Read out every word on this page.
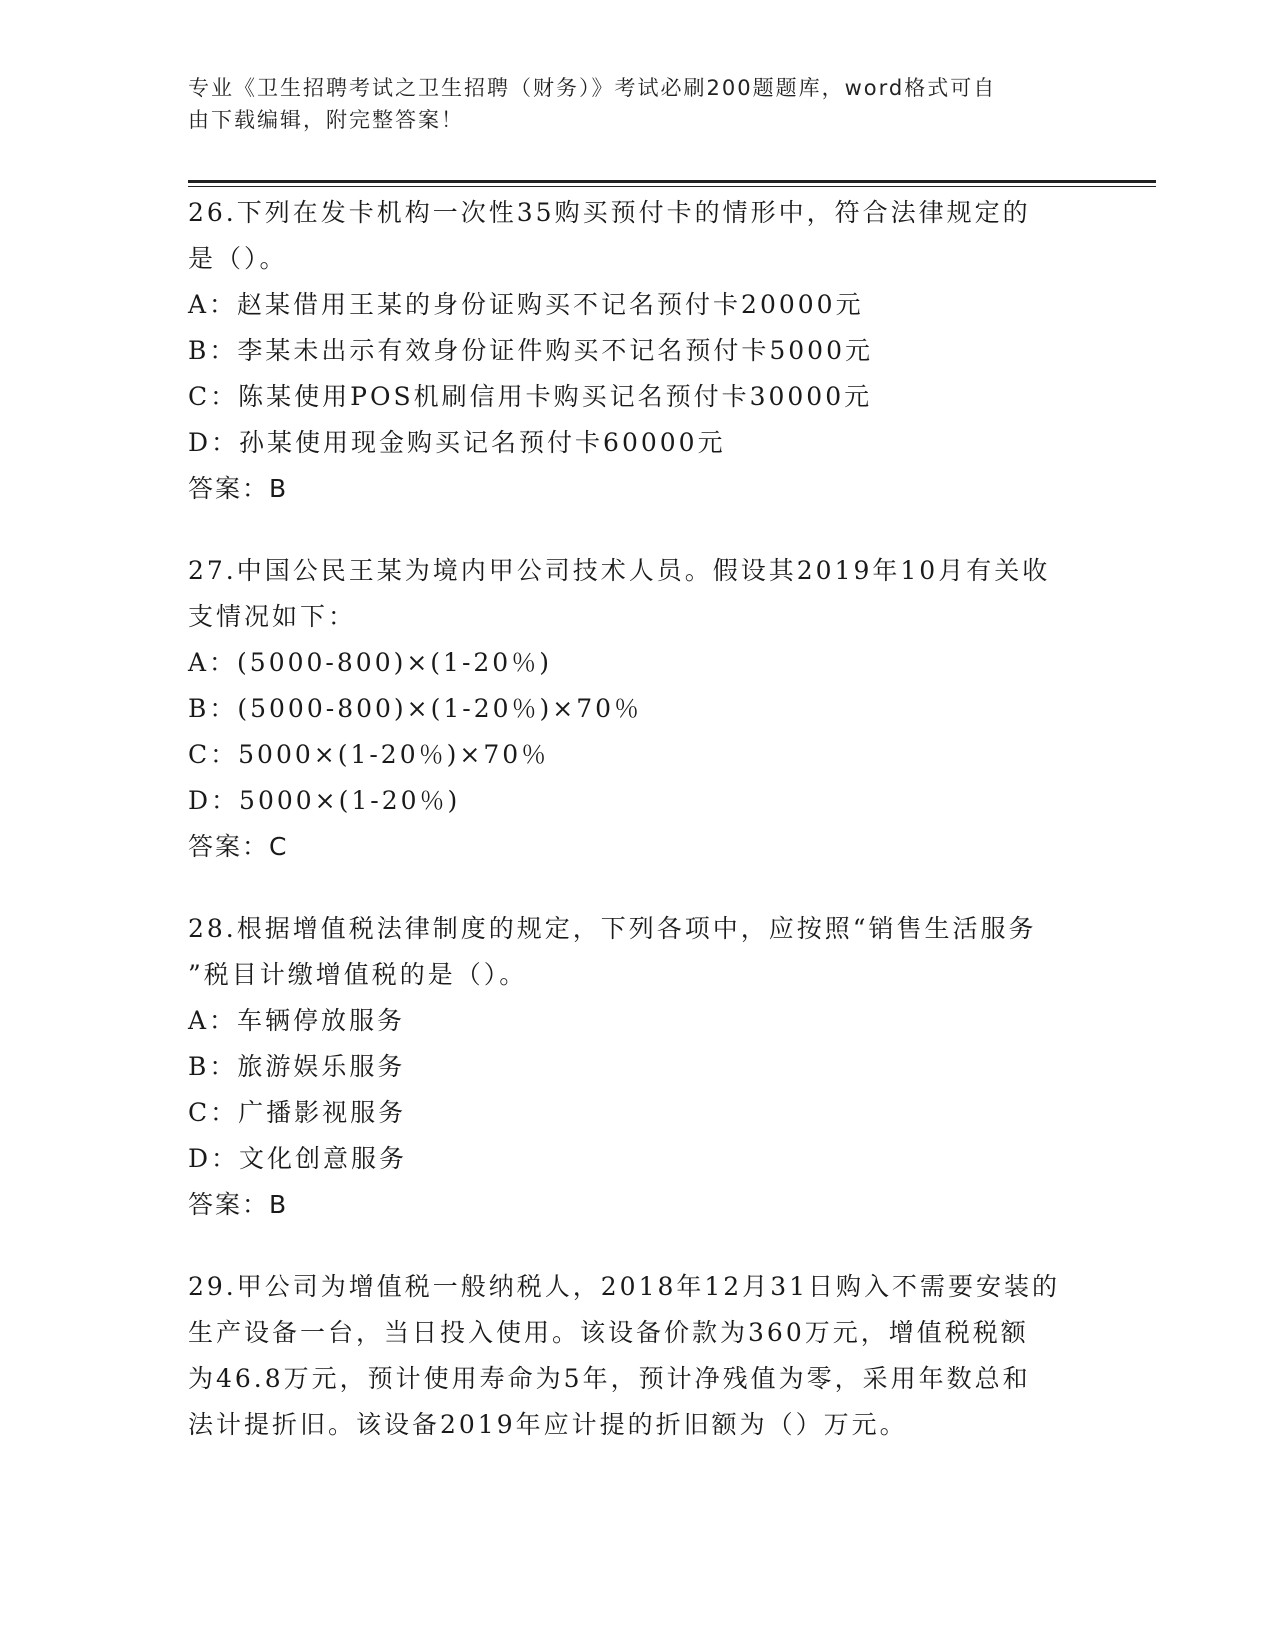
专业《卫生招聘考试之卫生招聘（财务）》考试必刷200题题库，word格式可自
由下载编辑，附完整答案！

26.下列在发卡机构一次性35购买预付卡的情形中，符合法律规定的
是（）。

A：赵某借用王某的身份证购买不记名预付卡20000元

B：李某未出示有效身份证件购买不记名预付卡5000元

C：陈某使用POS机刷信用卡购买记名预付卡30000元

D：孙某使用现金购买记名预付卡60000元

答案：B

27.中国公民王某为境内甲公司技术人员。假设其2019年10月有关收
支情况如下：

A：(5000-800)×(1-20％)

B：(5000-800)×(1-20％)×70％

C：5000×(1-20％)×70％

D：5000×(1-20％)

答案：C

28.根据增值税法律制度的规定，下列各项中，应按照“销售生活服务
”税目计缴增值税的是（）。

A：车辆停放服务

B：旅游娱乐服务

C：广播影视服务

D：文化创意服务

答案：B

29.甲公司为增值税一般纳税人，2018年12月31日购入不需要安装的
生产设备一台，当日投入使用。该设备价款为360万元，增值税税额
为46.8万元，预计使用寿命为5年，预计净残值为零，采用年数总和
法计提折旧。该设备2019年应计提的折旧额为（）万元。
